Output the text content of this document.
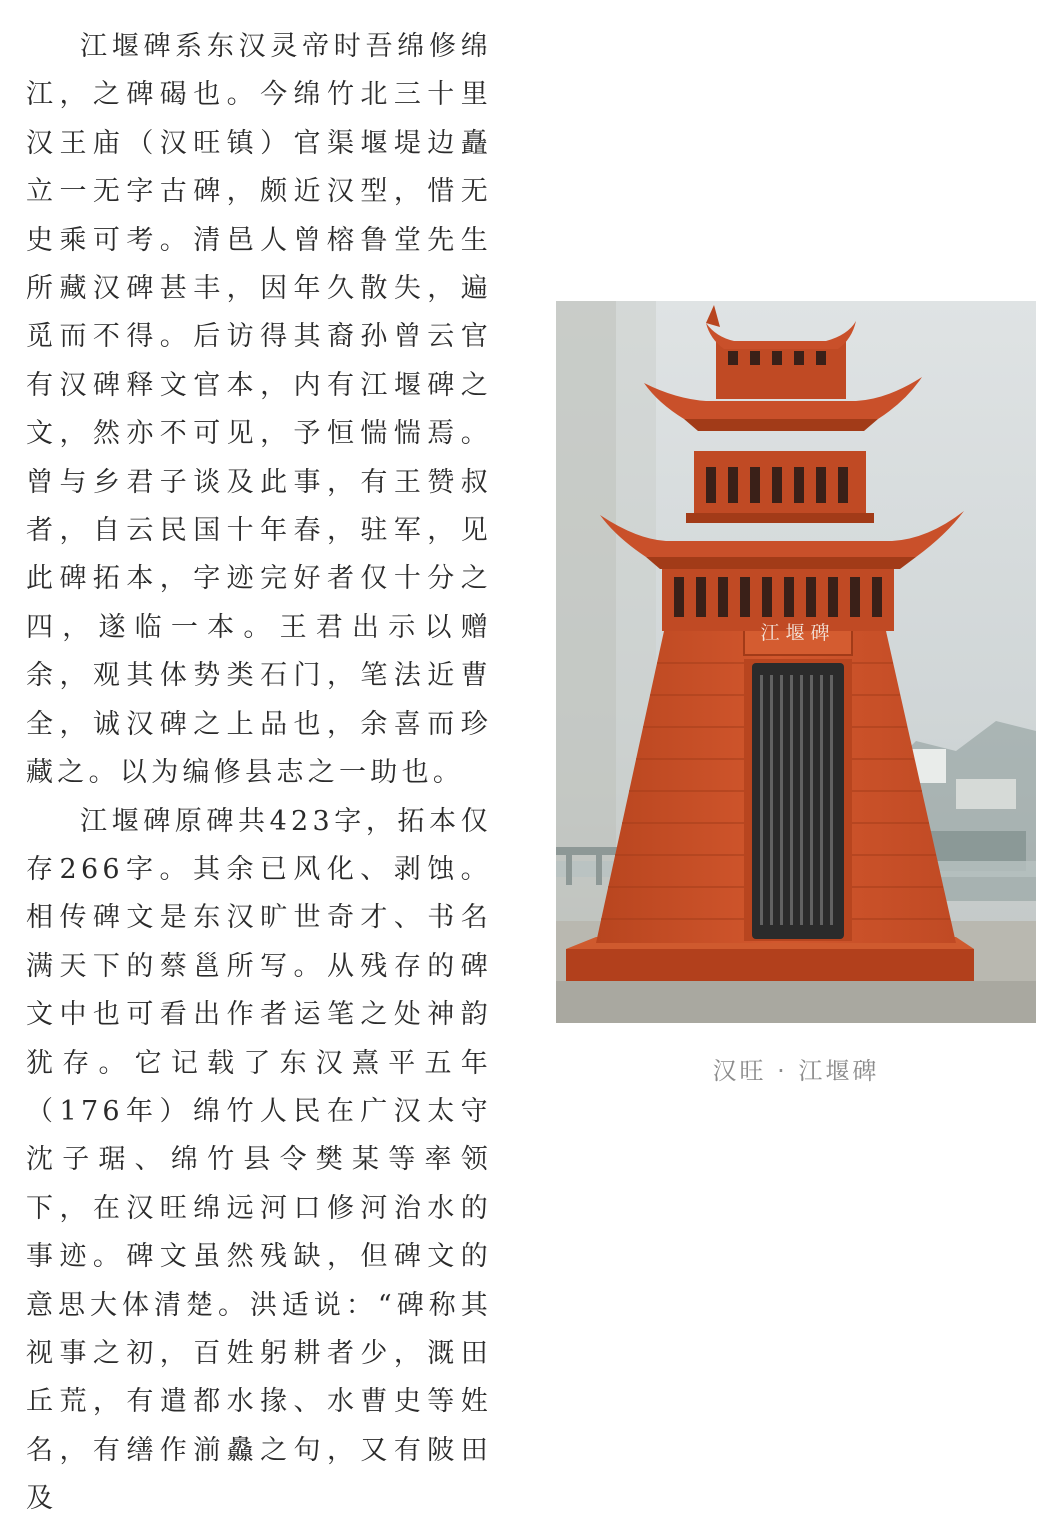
江堰碑系东汉灵帝时吾绵修绵江，之碑碣也。今绵竹北三十里汉王庙（汉旺镇）官渠堰堤边矗立一无字古碑，颇近汉型，惜无史乘可考。清邑人曾榕鲁堂先生所藏汉碑甚丰，因年久散失，遍觅而不得。后访得其裔孙曾云官有汉碑释文官本，内有江堰碑之文，然亦不可见，予恒惴惴焉。曾与乡君子谈及此事，有王赞叔者，自云民国十年春，驻军，见此碑拓本，字迹完好者仅十分之四，遂临一本。王君出示以赠余，观其体势类石门，笔法近曹全，诚汉碑之上品也，余喜而珍藏之。以为编修县志之一助也。

江堰碑原碑共423字，拓本仅存266字。其余已风化、剥蚀。相传碑文是东汉旷世奇才、书名满天下的蔡邕所写。从残存的碑文中也可看出作者运笔之处神韵犹存。它记载了东汉熹平五年（176年）绵竹人民在广汉太守沈子琚、绵竹县令樊某等率领下，在汉旺绵远河口修河治水的事迹。碑文虽然残缺，但碑文的意思大体清楚。洪适说：“碑称其视事之初，百姓躬耕者少，溉田丘荒，有遣都水掾、水曹史等姓名，有缮作湔灥之句，又有陂田及

江堰碑
汉旺 · 江堰碑
